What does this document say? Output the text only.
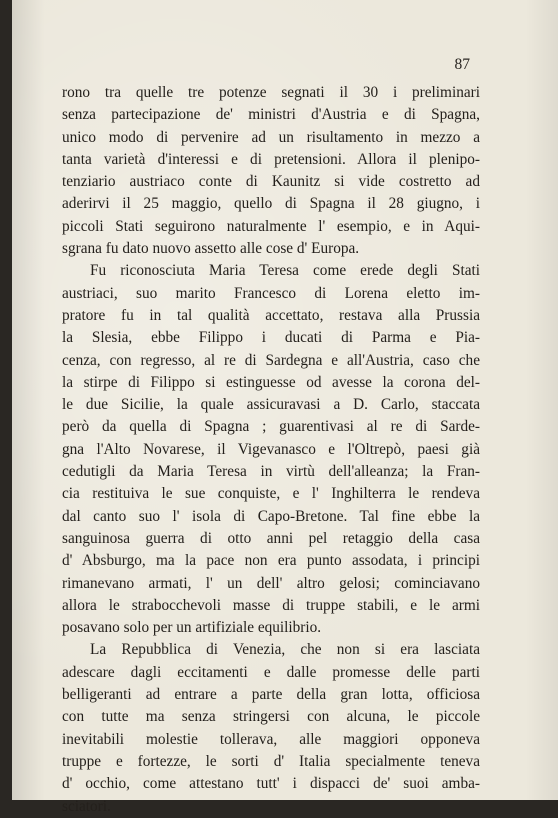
87
rono tra quelle tre potenze segnati il 30 i preliminari
senza partecipazione de' ministri d'Austria e di Spagna,
unico modo di pervenire ad un risultamento in mezzo a
tanta varietà d'interessi e di pretensioni. Allora il plenipo-
tenziario austriaco conte di Kaunitz si vide costretto ad
aderirvi il 25 maggio, quello di Spagna il 28 giugno, i
piccoli Stati seguirono naturalmente l' esempio, e in Aqui-
sgrana fu dato nuovo assetto alle cose d' Europa.
Fu riconosciuta Maria Teresa come erede degli Stati
austriaci, suo marito Francesco di Lorena eletto im-
pratore fu in tal qualità accettato, restava alla Prussia
la Slesia, ebbe Filippo i ducati di Parma e Pia-
cenza, con regresso, al re di Sardegna e all'Austria, caso che
la stirpe di Filippo si estinguesse od avesse la corona del-
le due Sicilie, la quale assicuravasi a D. Carlo, staccata
però da quella di Spagna ; guarentivasi al re di Sarde-
gna l'Alto Novarese, il Vigevanasco e l'Oltrepò, paesi già
cedutigli da Maria Teresa in virtù dell'alleanza; la Fran-
cia restituiva le sue conquiste, e l' Inghilterra le rendeva
dal canto suo l' isola di Capo-Bretone. Tal fine ebbe la
sanguinosa guerra di otto anni pel retaggio della casa
d' Absburgo, ma la pace non era punto assodata, i principi
rimanevano armati, l' un dell' altro gelosi; cominciavano
allora le strabocchevoli masse di truppe stabili, e le armi
posavano solo per un artifiziale equilibrio.
La Repubblica di Venezia, che non si era lasciata
adescare dagli eccitamenti e dalle promesse delle parti
belligeranti ad entrare a parte della gran lotta, officiosa
con tutte ma senza stringersi con alcuna, le piccole
inevitabili molestie tollerava, alle maggiori opponeva
truppe e fortezze, le sorti d' Italia specialmente teneva
d' occhio, come attestano tutt' i dispacci de' suoi amba-
sciatori.
